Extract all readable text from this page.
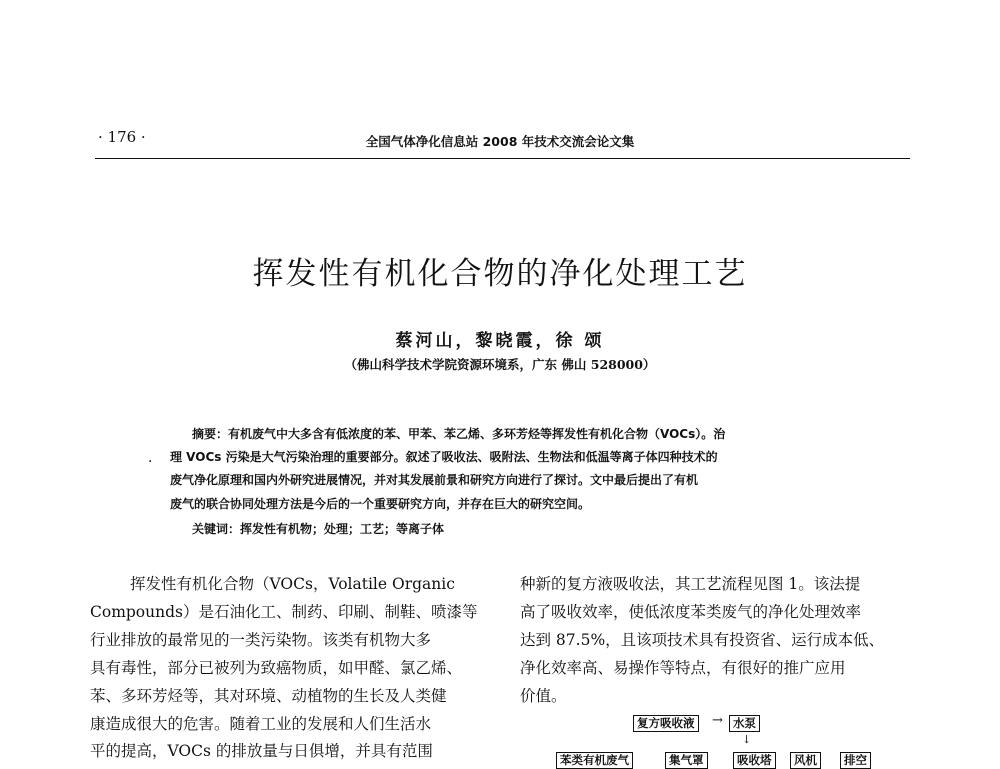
· 176 ·	全国气体净化信息站 2008 年技术交流会论文集
挥发性有机化合物的净化处理工艺
蔡河山，黎晓霞，徐 颂
（佛山科学技术学院资源环境系，广东 佛山 528000）
.
摘要：有机废气中大多含有低浓度的苯、甲苯、苯乙烯、多环芳烃等挥发性有机化合物（VOCs）。治
理 VOCs 污染是大气污染治理的重要部分。叙述了吸收法、吸附法、生物法和低温等离子体四种技术的
废气净化原理和国内外研究进展情况，并对其发展前景和研究方向进行了探讨。文中最后提出了有机
废气的联合协同处理方法是今后的一个重要研究方向，并存在巨大的研究空间。
关键词：挥发性有机物；处理；工艺；等离子体
挥发性有机化合物（VOCs，Volatile Organic
Compounds）是石油化工、制药、印刷、制鞋、喷漆等
行业排放的最常见的一类污染物。该类有机物大多
具有毒性，部分已被列为致癌物质，如甲醛、氯乙烯、
苯、多环芳烃等，其对环境、动植物的生长及人类健
康造成很大的危害。随着工业的发展和人们生活水
平的提高，VOCs 的排放量与日俱增，并具有范围
种新的复方液吸收法，其工艺流程见图 1。该法提
高了吸收效率，使低浓度苯类废气的净化处理效率
达到 87.5%，且该项技术具有投资省、运行成本低、
净化效率高、易操作等特点，有很好的推广应用
价值。
复方吸收液	→ 水泵
↓
苯类有机废气	集气罩	吸收塔	风机	排空
